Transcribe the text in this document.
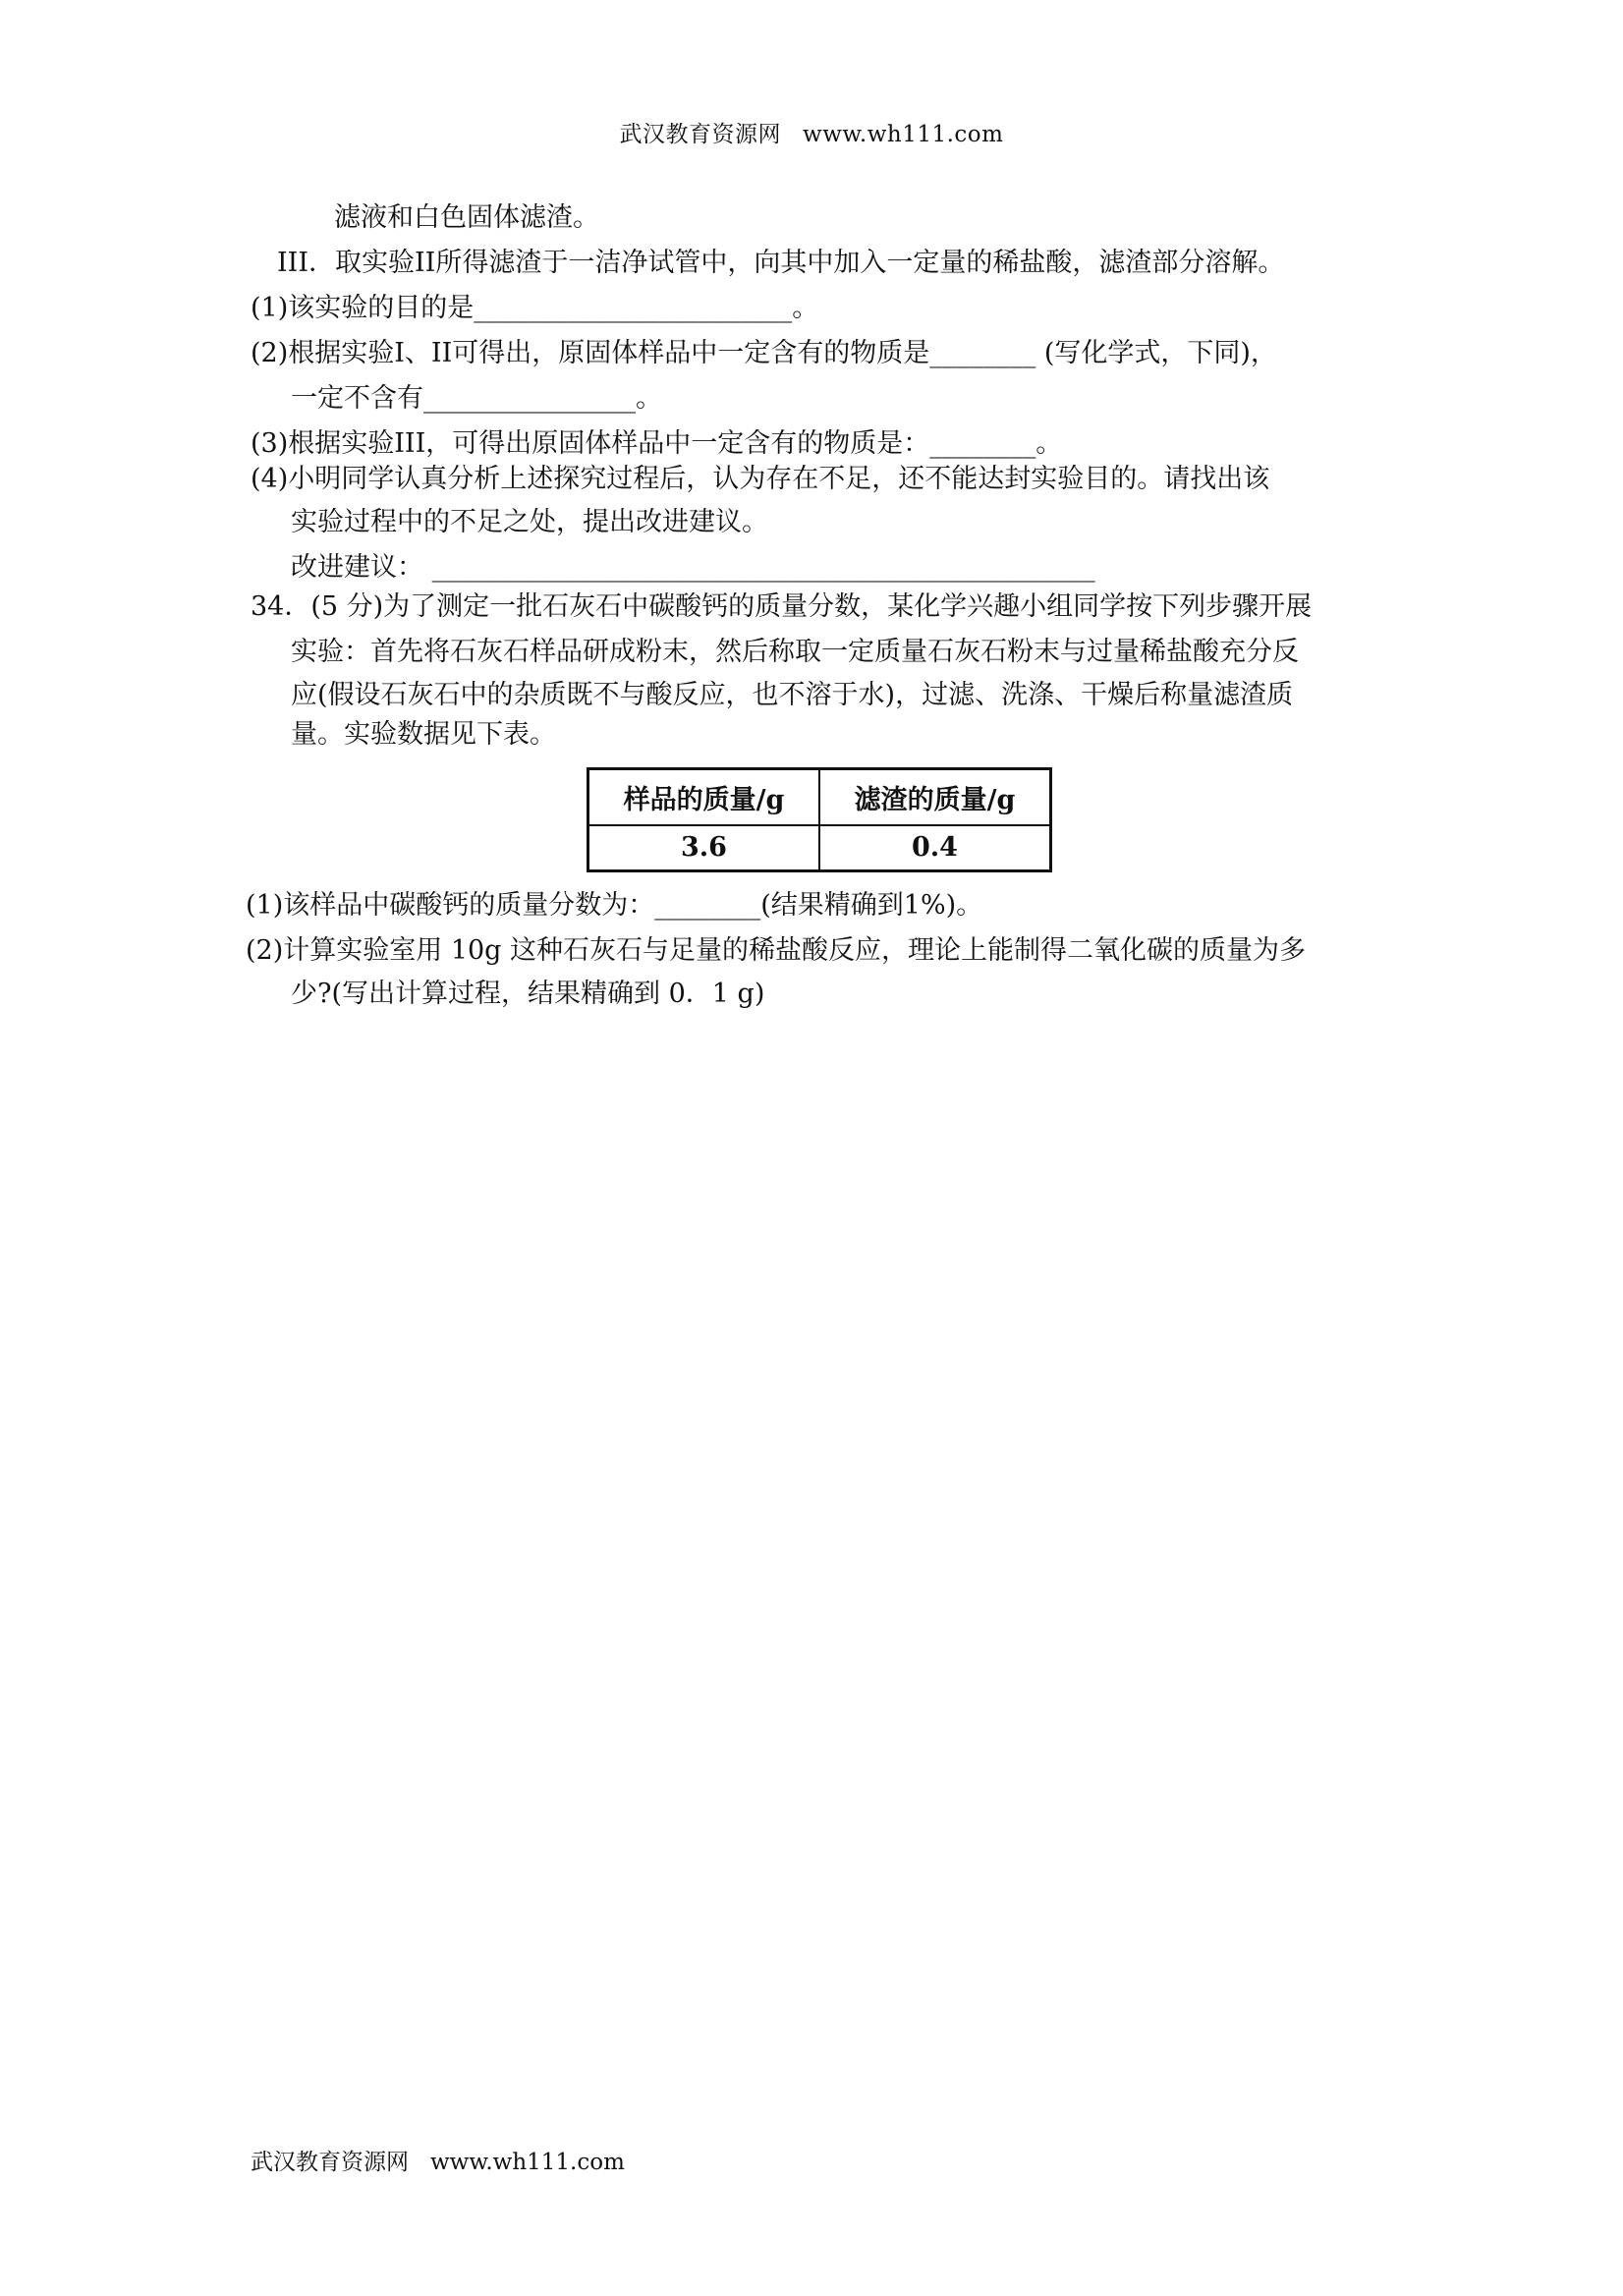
武汉教育资源网 www.wh111.com
滤液和白色固体滤渣。
III．取实验II所得滤渣于一洁净试管中，向其中加入一定量的稀盐酸，滤渣部分溶解。
(1)该实验的目的是________________________。
(2)根据实验I、II可得出，原固体样品中一定含有的物质是________ (写化学式，下同)，
一定不含有________________。
(3)根据实验III，可得出原固体样品中一定含有的物质是：________。
(4)小明同学认真分析上述探究过程后，认为存在不足，还不能达封实验目的。请找出该
实验过程中的不足之处，提出改进建议。
改进建议： __________________________________________________
34．(5 分)为了测定一批石灰石中碳酸钙的质量分数，某化学兴趣小组同学按下列步骤开展
实验：首先将石灰石样品研成粉末，然后称取一定质量石灰石粉末与过量稀盐酸充分反
应(假设石灰石中的杂质既不与酸反应，也不溶于水)，过滤、洗涤、干燥后称量滤渣质
量。实验数据见下表。
样品的质量/g	滤渣的质量/g
3.6	0.4
(1)该样品中碳酸钙的质量分数为：________(结果精确到1%)。
(2)计算实验室用 10g 这种石灰石与足量的稀盐酸反应，理论上能制得二氧化碳的质量为多
少?(写出计算过程，结果精确到 0．1 g)
武汉教育资源网 www.wh111.com
